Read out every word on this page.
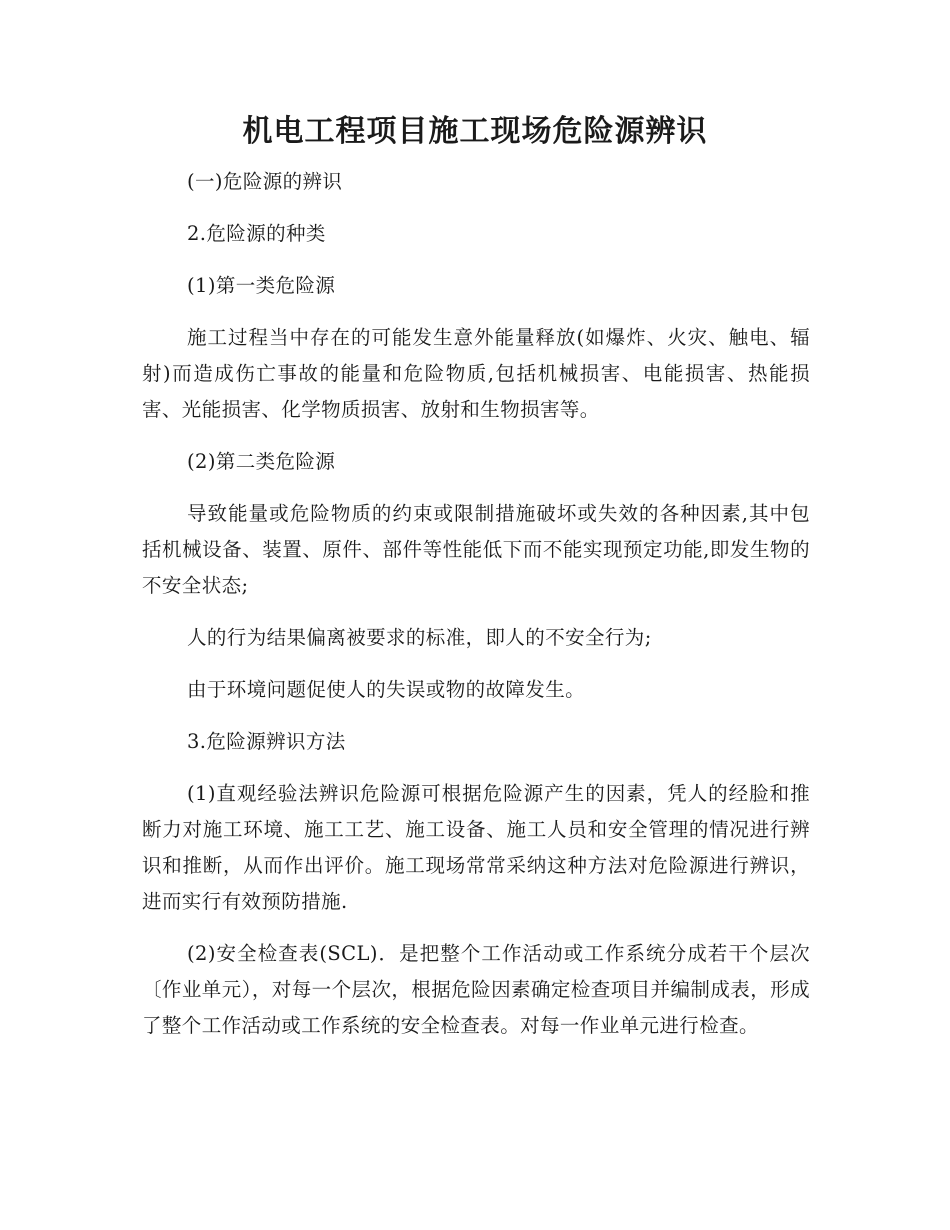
机电工程项目施工现场危险源辨识

(一)危险源的辨识

2.危险源的种类

(1)第一类危险源

施工过程当中存在的可能发生意外能量释放(如爆炸、火灾、触电、辐射)而造成伤亡事故的能量和危险物质,包括机械损害、电能损害、热能损害、光能损害、化学物质损害、放射和生物损害等。

(2)第二类危险源

导致能量或危险物质的约束或限制措施破坏或失效的各种因素,其中包括机械设备、装置、原件、部件等性能低下而不能实现预定功能,即发生物的不安全状态;

人的行为结果偏离被要求的标准，即人的不安全行为;

由于环境问题促使人的失误或物的故障发生。

3.危险源辨识方法

(1)直观经验法辨识危险源可根据危险源产生的因素，凭人的经脸和推断力对施工环境、施工工艺、施工设备、施工人员和安全管理的情况进行辨识和推断，从而作出评价。施工现场常常采纳这种方法对危险源进行辨识，进而实行有效预防措施.

(2)安全检查表(SCL)．是把整个工作活动或工作系统分成若干个层次〔作业单元），对每一个层次，根据危险因素确定检查项目并编制成表，形成了整个工作活动或工作系统的安全检查表。对每一作业单元进行检查。
